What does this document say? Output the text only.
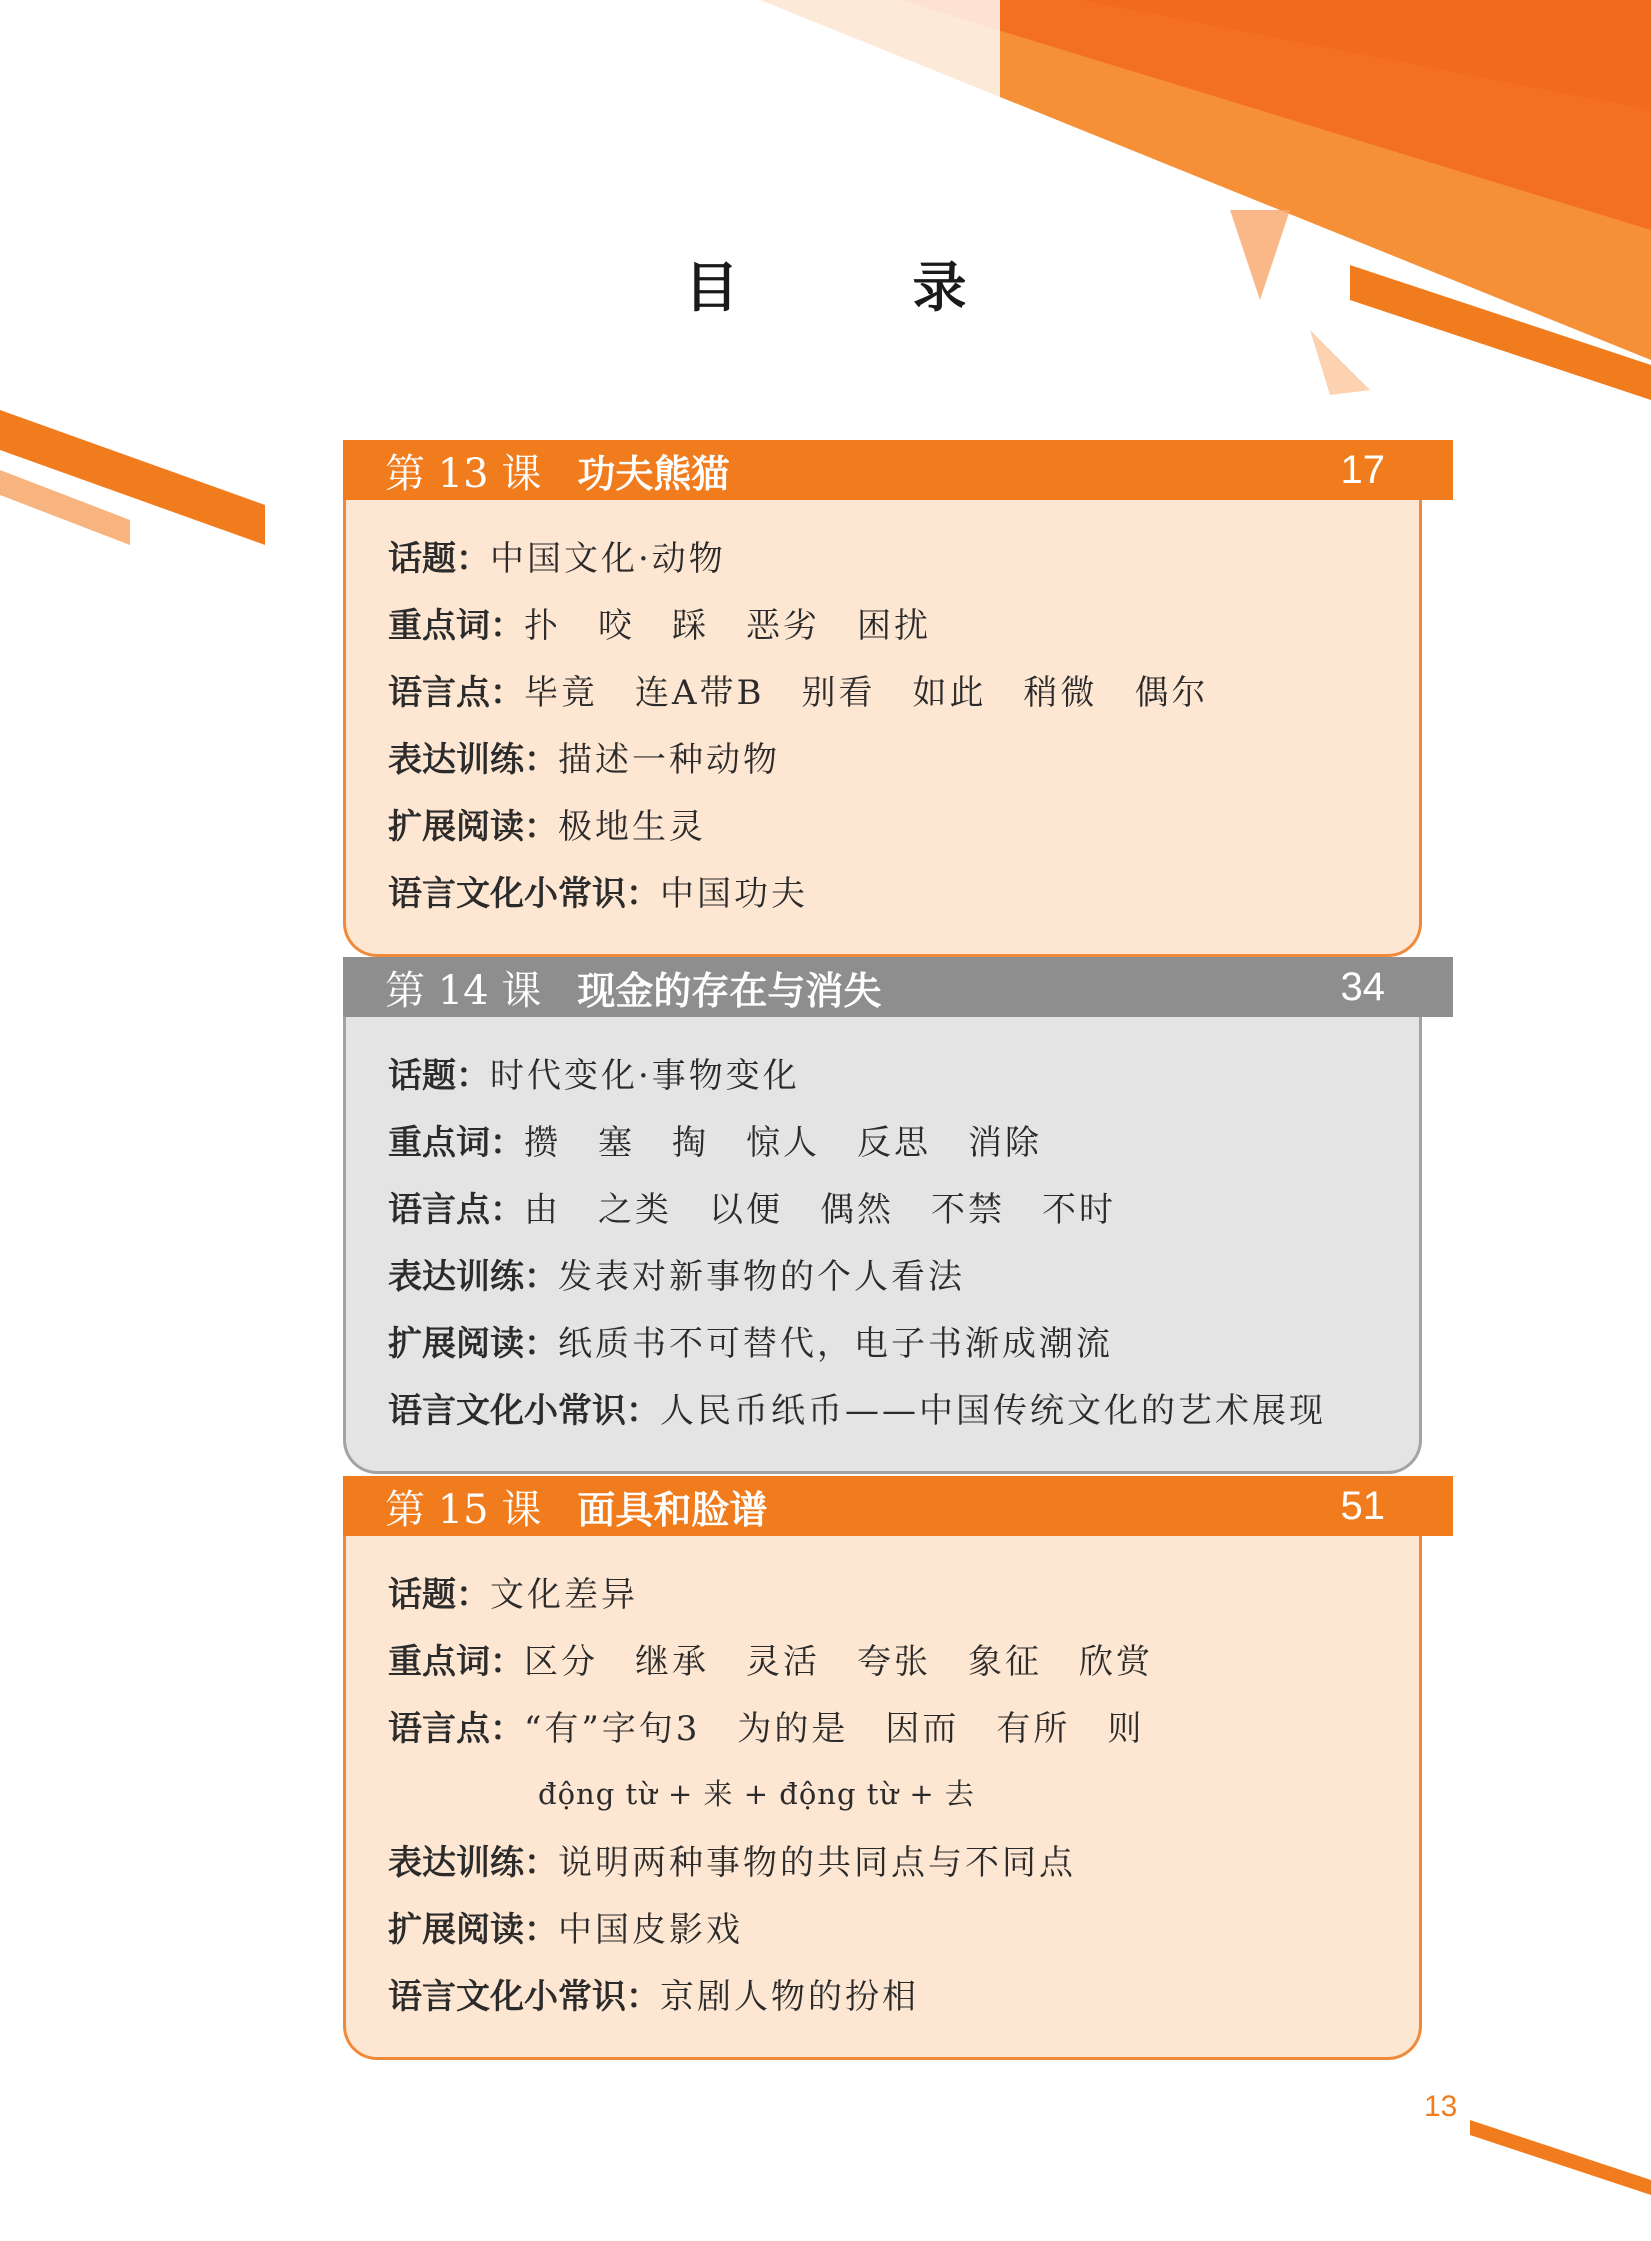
目　录
第 13 课 功夫熊猫	17
话题： 中国文化·动物
重点词： 扑　咬　踩　恶劣　困扰
语言点： 毕竟　连A带B　别看　如此　稍微　偶尔
表达训练： 描述一种动物
扩展阅读： 极地生灵
语言文化小常识： 中国功夫
第 14 课 现金的存在与消失	34
话题： 时代变化·事物变化
重点词： 攒　塞　掏　惊人　反思　消除
语言点： 由　之类　以便　偶然　不禁　不时
表达训练： 发表对新事物的个人看法
扩展阅读： 纸质书不可替代，电子书渐成潮流
语言文化小常识： 人民币纸币——中国传统文化的艺术展现
第 15 课 面具和脸谱	51
话题： 文化差异
重点词： 区分　继承　灵活　夸张　象征　欣赏
语言点： “有”字句3　为的是　因而　有所　则
động từ + 来 + động từ + 去
表达训练： 说明两种事物的共同点与不同点
扩展阅读： 中国皮影戏
语言文化小常识： 京剧人物的扮相
13
